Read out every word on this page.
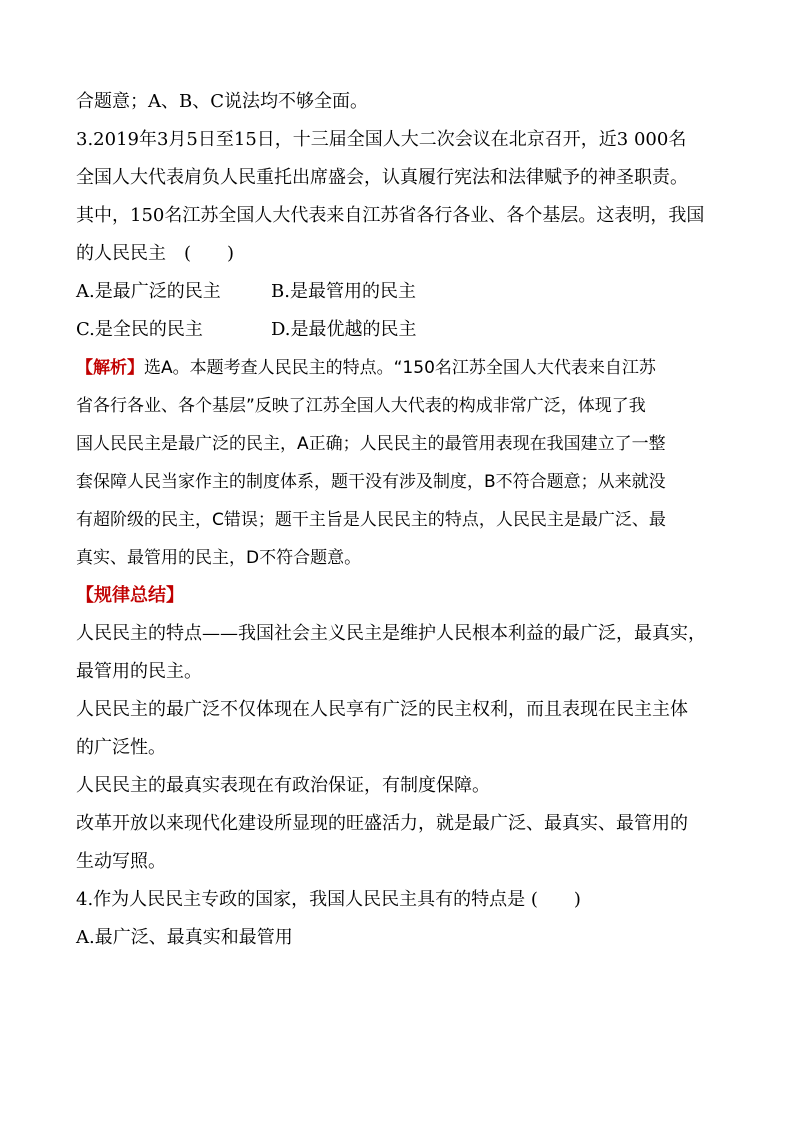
合题意；A、B、C说法均不够全面。
3.2019年3月5日至15日，十三届全国人大二次会议在北京召开，近3 000名
全国人大代表肩负人民重托出席盛会，认真履行宪法和法律赋予的神圣职责。
其中，150名江苏全国人大代表来自江苏省各行各业、各个基层。这表明，我国
的人民民主　(　　)
A.是最广泛的民主	B.是最管用的民主
C.是全民的民主	D.是最优越的民主
【解析】选A。本题考查人民民主的特点。“150名江苏全国人大代表来自江苏
省各行各业、各个基层”反映了江苏全国人大代表的构成非常广泛，体现了我
国人民民主是最广泛的民主，A正确；人民民主的最管用表现在我国建立了一整
套保障人民当家作主的制度体系，题干没有涉及制度，B不符合题意；从来就没
有超阶级的民主，C错误；题干主旨是人民民主的特点，人民民主是最广泛、最
真实、最管用的民主，D不符合题意。
【规律总结】
人民民主的特点——我国社会主义民主是维护人民根本利益的最广泛，最真实，
最管用的民主。
人民民主的最广泛不仅体现在人民享有广泛的民主权利，而且表现在民主主体
的广泛性。
人民民主的最真实表现在有政治保证，有制度保障。
改革开放以来现代化建设所显现的旺盛活力，就是最广泛、最真实、最管用的
生动写照。
4.作为人民民主专政的国家，我国人民民主具有的特点是 (　　)
A.最广泛、最真实和最管用
